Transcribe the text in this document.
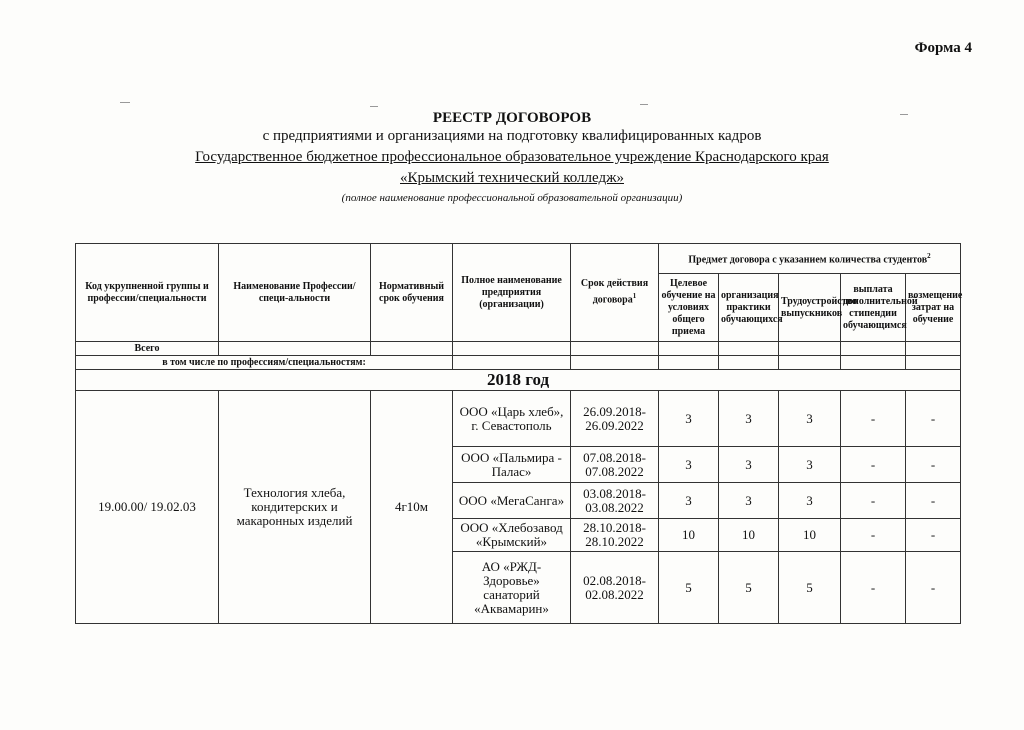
Форма 4
РЕЕСТР ДОГОВОРОВ
с предприятиями и организациями на подготовку квалифицированных кадров
Государственное бюджетное профессиональное образовательное учреждение Краснодарского края
«Крымский технический колледж»
(полное наименование профессиональной образовательной организации)
Код укрупненной группы и профессии/специальности	Наименование Профессии/специ-альности	Нормативный срок обучения	Полное наименование предприятия (организации)	Срок действия договора$^1$	Предмет договора с указанием количества студентов$^2$
					Целевое обучение на условиях общего приема	организация практики обучающихся	Трудоустройство выпускников	выплата дополнительной стипендии обучающимся	возмещение затрат на обучение
Всего									
в том числе по профессиям/специальностям:									
2018 год									
19.00.00/ 19.02.03	Технология хлеба, кондитерских и макаронных изделий	4г10м	ООО «Царь хлеб», г. Севастополь	26.09.2018-26.09.2022	3	3	3	-	-
			ООО «Пальмира - Палас»	07.08.2018-07.08.2022	3	3	3	-	-
			ООО «МегаСанга»	03.08.2018-03.08.2022	3	3	3	-	-
			ООО «Хлебозавод «Крымский»	28.10.2018-28.10.2022	10	10	10	-	-
			АО «РЖД-Здоровье» санаторий «Аквамарин»	02.08.2018-02.08.2022	5	5	5	-	-
